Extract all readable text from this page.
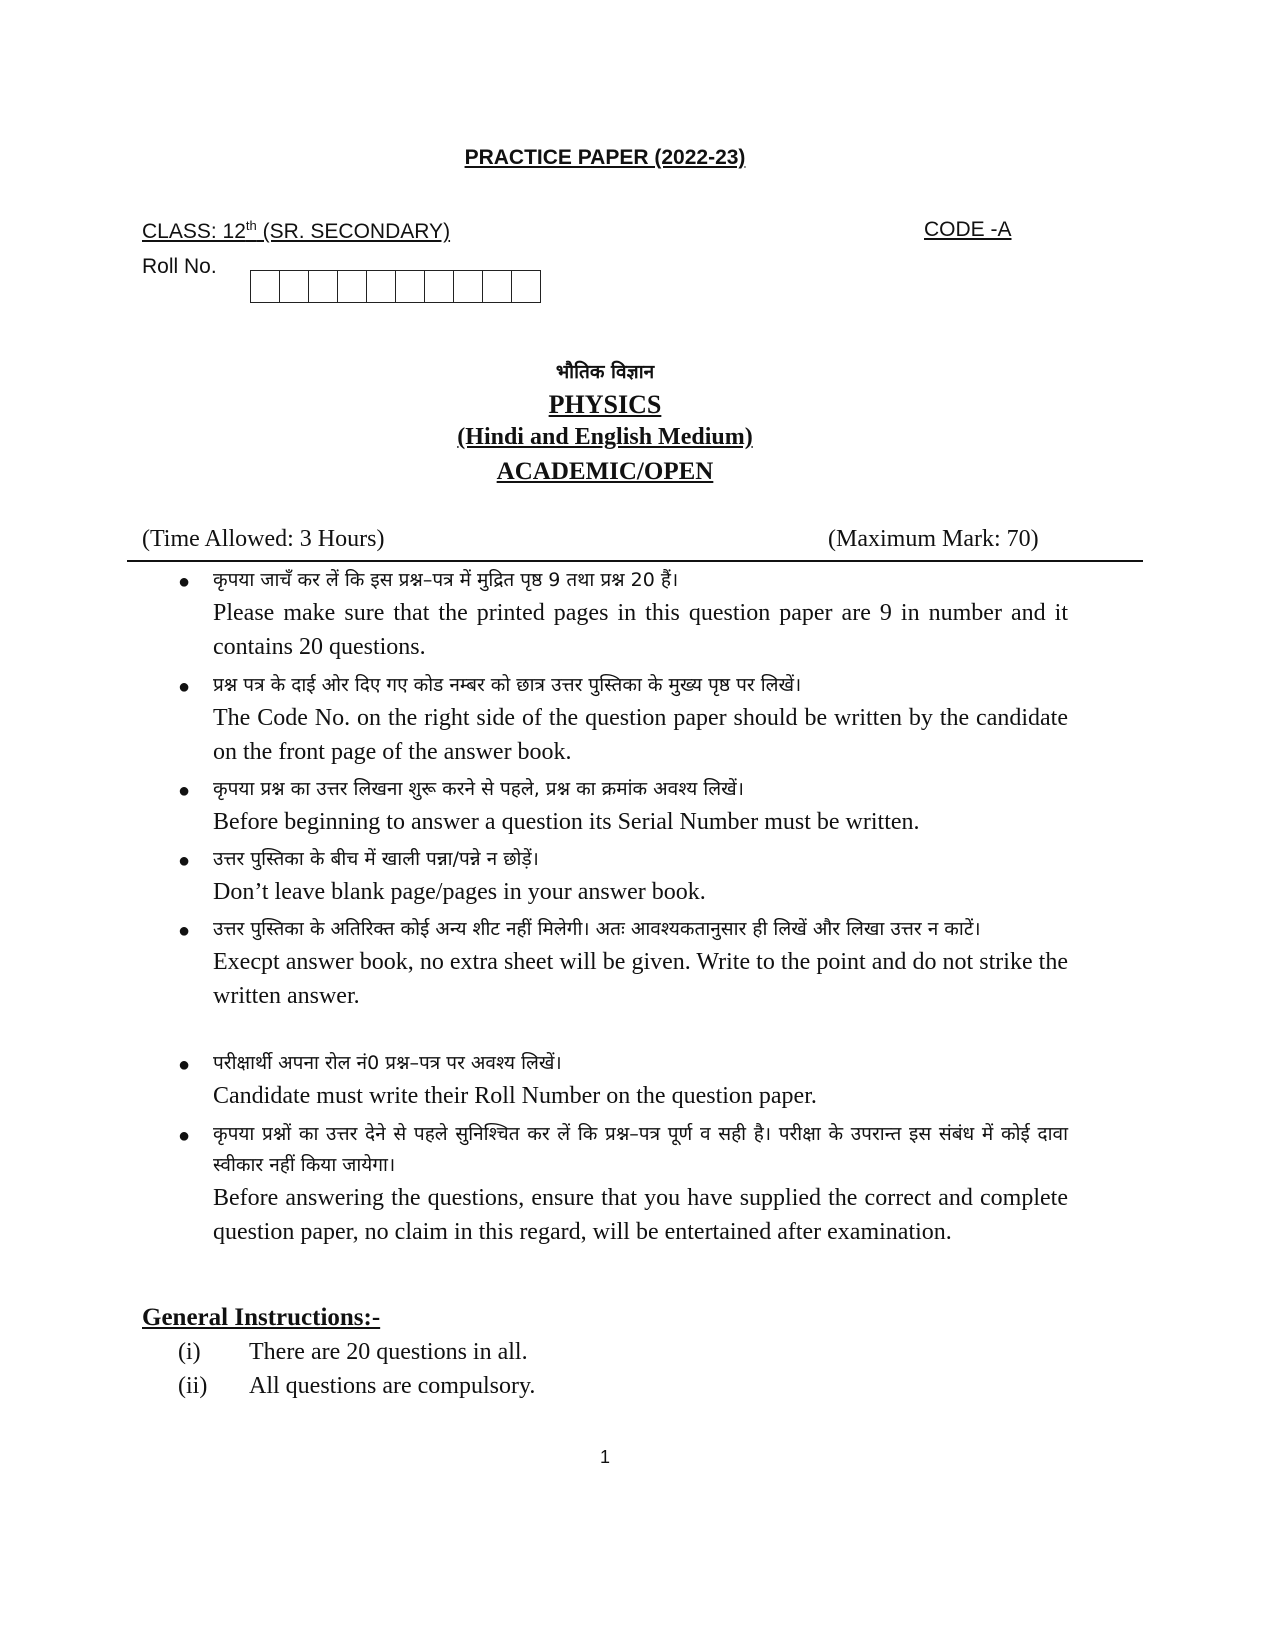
PRACTICE PAPER (2022-23)
CLASS: 12th (SR. SECONDARY)	CODE -A
Roll No.
भौतिक विज्ञान
PHYSICS
(Hindi and English Medium)
ACADEMIC/OPEN
(Time Allowed: 3 Hours)	(Maximum Mark: 70)
● कृपया जाचँ कर लें कि इस प्रश्न–पत्र में मुद्रित पृष्ठ 9 तथा प्रश्न 20 हैं।
Please make sure that the printed pages in this question paper are 9 in number and it contains 20 questions.
● प्रश्न पत्र के दाई ओर दिए गए कोड नम्बर को छात्र उत्तर पुस्तिका के मुख्य पृष्ठ पर लिखें।
The Code No. on the right side of the question paper should be written by the candidate on the front page of the answer book.
● कृपया प्रश्न का उत्तर लिखना शुरू करने से पहले, प्रश्न का क्रमांक अवश्य लिखें।
Before beginning to answer a question its Serial Number must be written.
● उत्तर पुस्तिका के बीच में खाली पन्ना/पन्ने न छोड़ें।
Don’t leave blank page/pages in your answer book.
● उत्तर पुस्तिका के अतिरिक्त कोई अन्य शीट नहीं मिलेगी। अतः आवश्यकतानुसार ही लिखें और लिखा उत्तर न काटें।
Execpt answer book, no extra sheet will be given. Write to the point and do not strike the written answer.
● परीक्षार्थी अपना रोल नं0 प्रश्न–पत्र पर अवश्य लिखें।
Candidate must write their Roll Number on the question paper.
● कृपया प्रश्नों का उत्तर देने से पहले सुनिश्चित कर लें कि प्रश्न–पत्र पूर्ण व सही है। परीक्षा के उपरान्त इस संबंध में कोई दावा स्वीकार नहीं किया जायेगा।
Before answering the questions, ensure that you have supplied the correct and complete question paper, no claim in this regard, will be entertained after examination.
General Instructions:-
(i) There are 20 questions in all.
(ii) All questions are compulsory.
1
